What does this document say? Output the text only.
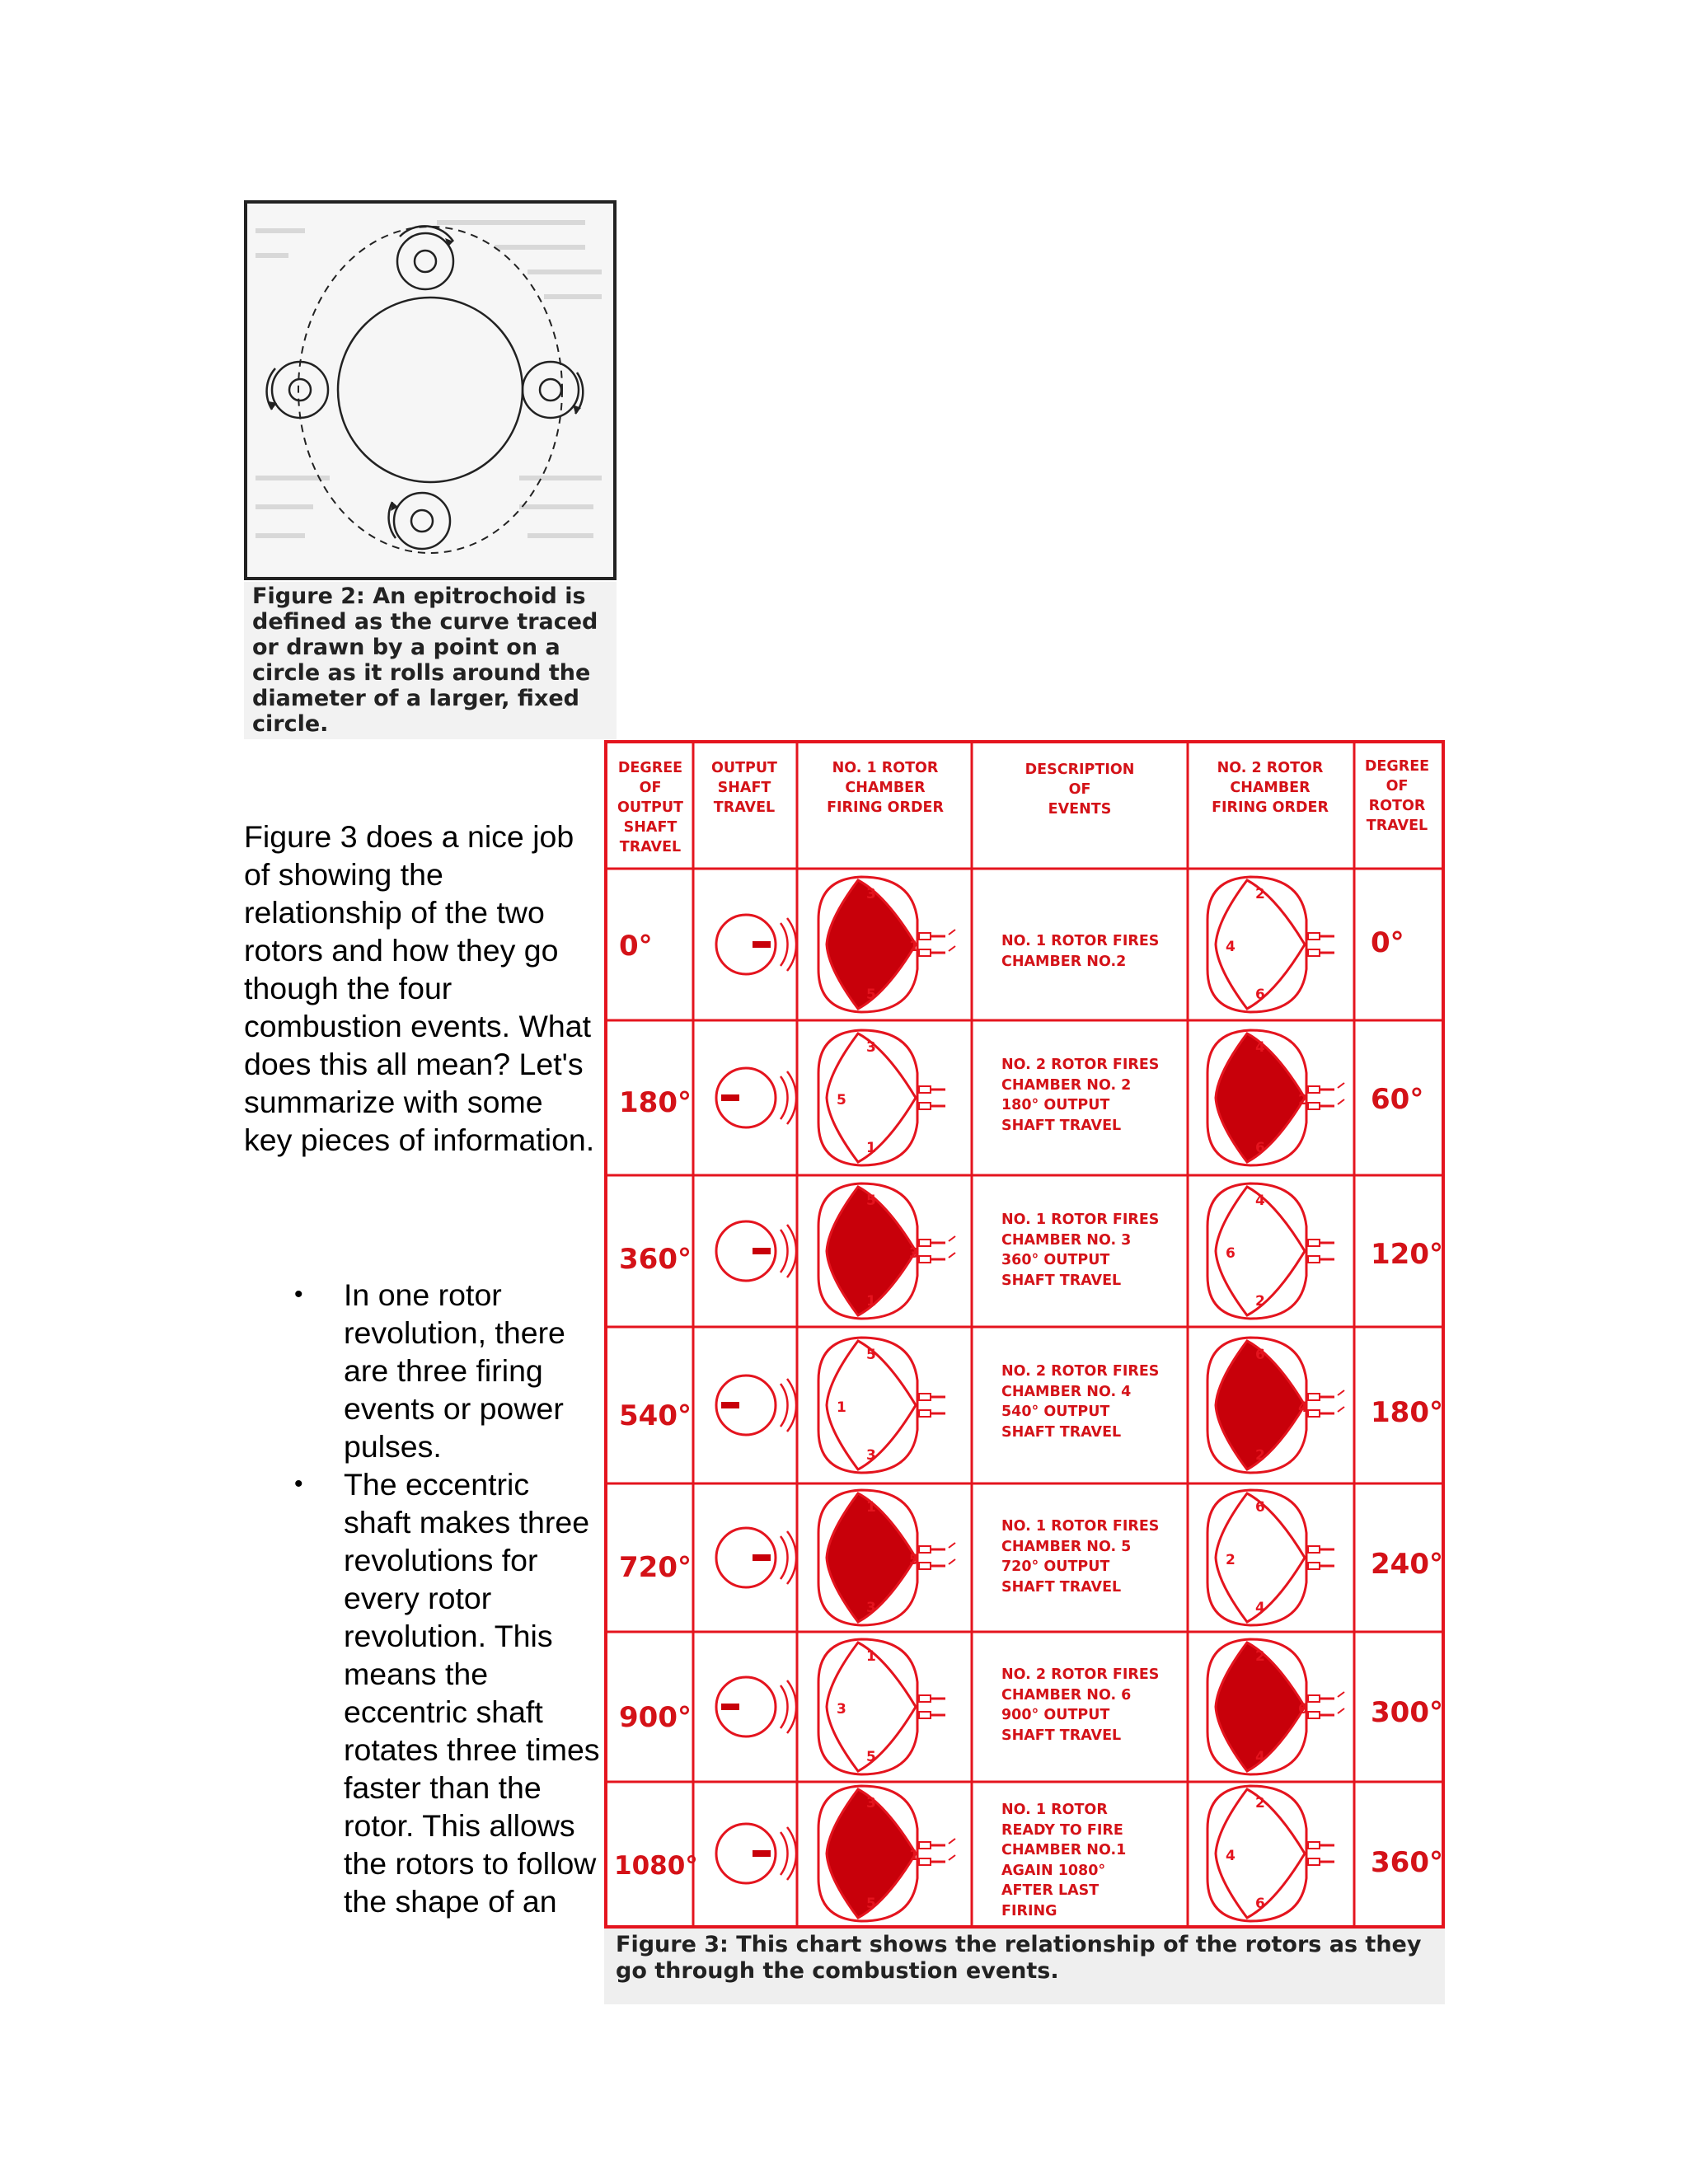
Figure 2: An epitrochoid is defined as the curve traced or drawn by a point on a circle as it rolls around the diameter of a larger, fixed circle.

Figure 3 does a nice job of showing the relationship of the two rotors and how they go though the four combustion events. What does this all mean? Let's summarize with some key pieces of information.

• In one rotor revolution, there are three firing events or power pulses.
• The eccentric shaft makes three revolutions for every rotor revolution. This means the eccentric shaft rotates three times faster than the rotor. This allows the rotors to follow the shape of an
3
1
5
2
4
6
3
5
1
4
2
6
5
3
1
4
6
2
5
1
3
6
4
2
1
5
3
6
2
4
1
3
5
2
6
4
3
1
5
2
4
6
DEGREE
OF
OUTPUT
SHAFT
TRAVEL
OUTPUT
SHAFT
TRAVEL
NO. 1 ROTOR
CHAMBER
FIRING ORDER
DESCRIPTION
OF
EVENTS
NO. 2 ROTOR
CHAMBER
FIRING ORDER
DEGREE
OF
ROTOR
TRAVEL
0°	NO. 1 ROTOR FIRES
CHAMBER NO.2
0°
180°
NO. 2 ROTOR FIRES
CHAMBER NO. 2
180° OUTPUT
SHAFT TRAVEL
60°
360°
NO. 1 ROTOR FIRES
CHAMBER NO. 3
360° OUTPUT
SHAFT TRAVEL
120°
540°
NO. 2 ROTOR FIRES
CHAMBER NO. 4
540° OUTPUT
SHAFT TRAVEL
180°
720°
NO. 1 ROTOR FIRES
CHAMBER NO. 5
720° OUTPUT
SHAFT TRAVEL
240°
900°
NO. 2 ROTOR FIRES
CHAMBER NO. 6
900° OUTPUT
SHAFT TRAVEL
300°
1080°
NO. 1 ROTOR
READY TO FIRE
CHAMBER NO.1
AGAIN 1080°
AFTER LAST
FIRING
360°
Figure 3: This chart shows the relationship of the rotors as they go through the combustion events.
